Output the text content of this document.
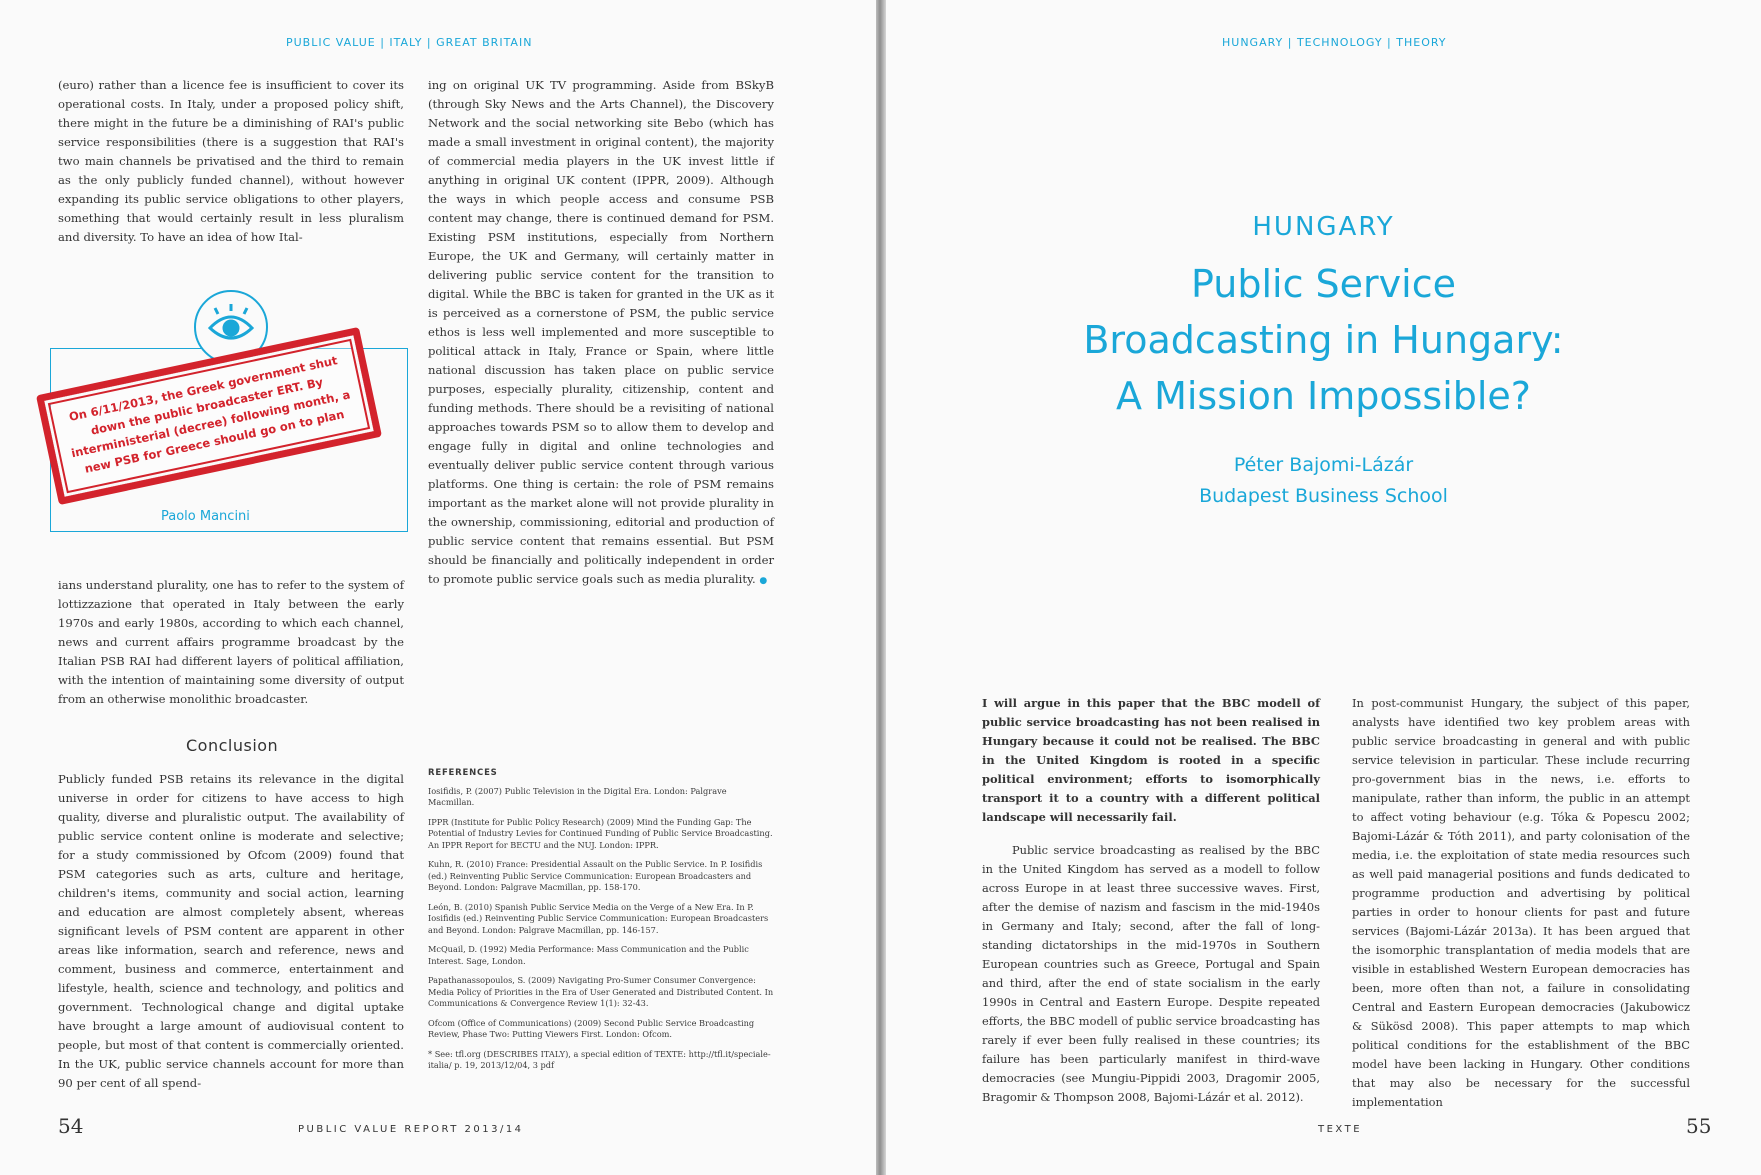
PUBLIC VALUE | ITALY | GREAT BRITAIN

(euro) rather than a licence fee is insufficient to cover its operational costs. In Italy, under a proposed policy shift, there might in the future be a diminishing of RAI's public service responsibilities (there is a suggestion that RAI's two main channels be privatised and the third to remain as the only publicly funded channel), without however expanding its public service obligations to other players, something that would certainly result in less pluralism and diversity. To have an idea of how Ital-

Paolo Mancini
On 6/11/2013, the Greek government shut down the public broadcaster ERT. By interministerial (decree) following month, a new PSB for Greece should go on to plan

ians understand plurality, one has to refer to the system of lottizzazione that operated in Italy between the early 1970s and early 1980s, according to which each channel, news and current affairs programme broadcast by the Italian PSB RAI had different layers of political affiliation, with the intention of maintaining some diversity of output from an otherwise monolithic broadcaster.

ing on original UK TV programming. Aside from BSkyB (through Sky News and the Arts Channel), the Discovery Network and the social networking site Bebo (which has made a small investment in original content), the majority of commercial media players in the UK invest little if anything in original UK content (IPPR, 2009). Although the ways in which people access and consume PSB content may change, there is continued demand for PSM. Existing PSM institutions, especially from Northern Europe, the UK and Germany, will certainly matter in delivering public service content for the transition to digital. While the BBC is taken for granted in the UK as it is perceived as a cornerstone of PSM, the public service ethos is less well implemented and more susceptible to political attack in Italy, France or Spain, where little national discussion has taken place on public service purposes, especially plurality, citizenship, content and funding methods. There should be a revisiting of national approaches towards PSM so to allow them to develop and engage fully in digital and online technologies and eventually deliver public service content through various platforms. One thing is certain: the role of PSM remains important as the market alone will not provide plurality in the ownership, commissioning, editorial and production of public service content that remains essential. But PSM should be financially and politically independent in order to promote public service goals such as media plurality. ●

Conclusion

Publicly funded PSB retains its relevance in the digital universe in order for citizens to have access to high quality, diverse and pluralistic output. The availability of public service content online is moderate and selective; for a study commissioned by Ofcom (2009) found that PSM categories such as arts, culture and heritage, children's items, community and social action, learning and education are almost completely absent, whereas significant levels of PSM content are apparent in other areas like information, search and reference, news and comment, business and commerce, entertainment and lifestyle, health, science and technology, and politics and government. Technological change and digital uptake have brought a large amount of audiovisual content to people, but most of that content is commercially oriented. In the UK, public service channels account for more than 90 per cent of all spend-

REFERENCES
Iosifidis, P. (2007) Public Television in the Digital Era. London: Palgrave Macmillan.
IPPR (Institute for Public Policy Research) (2009) Mind the Funding Gap: The Potential of Industry Levies for Continued Funding of Public Service Broadcasting. An IPPR Report for BECTU and the NUJ. London: IPPR.
Kuhn, R. (2010) France: Presidential Assault on the Public Service. In P. Iosifidis (ed.) Reinventing Public Service Communication: European Broadcasters and Beyond. London: Palgrave Macmillan, pp. 158-170.
León, B. (2010) Spanish Public Service Media on the Verge of a New Era. In P. Iosifidis (ed.) Reinventing Public Service Communication: European Broadcasters and Beyond. London: Palgrave Macmillan, pp. 146-157.
McQuail, D. (1992) Media Performance: Mass Communication and the Public Interest. Sage, London.
Papathanassopoulos, S. (2009) Navigating Pro-Sumer Consumer Convergence: Media Policy of Priorities in the Era of User Generated and Distributed Content. In Communications & Convergence Review 1(1): 32-43.
Ofcom (Office of Communications) (2009) Second Public Service Broadcasting Review, Phase Two: Putting Viewers First. London: Ofcom.
* See: tfl.org (DESCRIBES ITALY), a special edition of TEXTE: http://tfl.it/speciale-italia/ p. 19, 2013/12/04, 3 pdf
54	PUBLIC VALUE REPORT 2013/14
HUNGARY | TECHNOLOGY | THEORY
HUNGARY
Public Service
Broadcasting in Hungary:
A Mission Impossible?
Péter Bajomi-Lázár
Budapest Business School

I will argue in this paper that the BBC modell of public service broadcasting has not been realised in Hungary because it could not be realised. The BBC in the United Kingdom is rooted in a specific political environment; efforts to isomorphically transport it to a country with a different political landscape will necessarily fail.

Public service broadcasting as realised by the BBC in the United Kingdom has served as a modell to follow across Europe in at least three successive waves. First, after the demise of nazism and fascism in the mid-1940s in Germany and Italy; second, after the fall of long-standing dictatorships in the mid-1970s in Southern European countries such as Greece, Portugal and Spain and third, after the end of state socialism in the early 1990s in Central and Eastern Europe. Despite repeated efforts, the BBC modell of public service broadcasting has rarely if ever been fully realised in these countries; its failure has been particularly manifest in third-wave democracies (see Mungiu-Pippidi 2003, Dragomir 2005, Bragomir & Thompson 2008, Bajomi-Lázár et al. 2012).

In post-communist Hungary, the subject of this paper, analysts have identified two key problem areas with public service broadcasting in general and with public service television in particular. These include recurring pro-government bias in the news, i.e. efforts to manipulate, rather than inform, the public in an attempt to affect voting behaviour (e.g. Tóka & Popescu 2002; Bajomi-Lázár & Tóth 2011), and party colonisation of the media, i.e. the exploitation of state media resources such as well paid managerial positions and funds dedicated to programme production and advertising by political parties in order to honour clients for past and future services (Bajomi-Lázár 2013a). It has been argued that the isomorphic transplantation of media models that are visible in established Western European democracies has been, more often than not, a failure in consolidating Central and Eastern European democracies (Jakubowicz & Sükösd 2008). This paper attempts to map which political conditions for the establishment of the BBC model have been lacking in Hungary. Other conditions that may also be necessary for the successful implementation

TEXTE	55
